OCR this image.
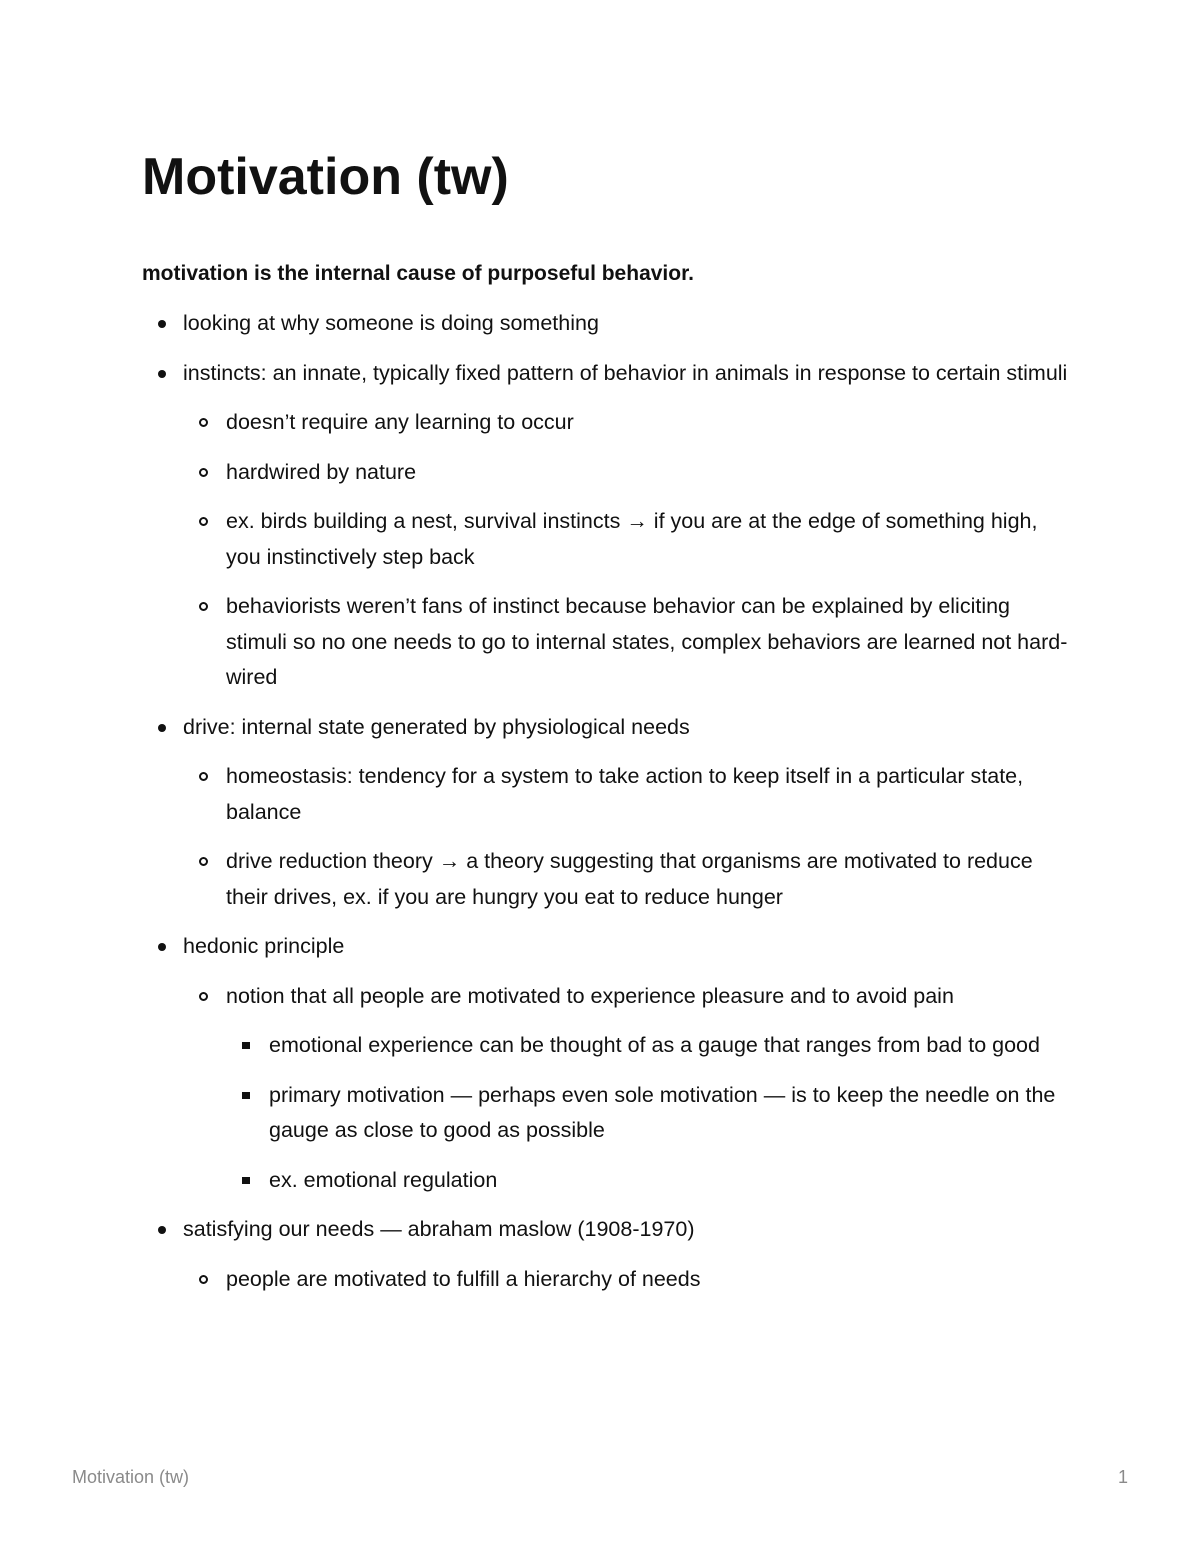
Motivation (tw)

motivation is the internal cause of purposeful behavior.

looking at why someone is doing something
instincts: an innate, typically fixed pattern of behavior in animals in response to certain stimuli
doesn’t require any learning to occur
hardwired by nature
ex. birds building a nest, survival instincts → if you are at the edge of something high, you instinctively step back
behaviorists weren’t fans of instinct because behavior can be explained by eliciting stimuli so no one needs to go to internal states, complex behaviors are learned not hard-wired
drive: internal state generated by physiological needs
homeostasis: tendency for a system to take action to keep itself in a particular state, balance
drive reduction theory → a theory suggesting that organisms are motivated to reduce their drives, ex. if you are hungry you eat to reduce hunger
hedonic principle
notion that all people are motivated to experience pleasure and to avoid pain
emotional experience can be thought of as a gauge that ranges from bad to good
primary motivation — perhaps even sole motivation — is to keep the needle on the gauge as close to good as possible
ex. emotional regulation
satisfying our needs — abraham maslow (1908-1970)
people are motivated to fulfill a hierarchy of needs
Motivation (tw)	1
